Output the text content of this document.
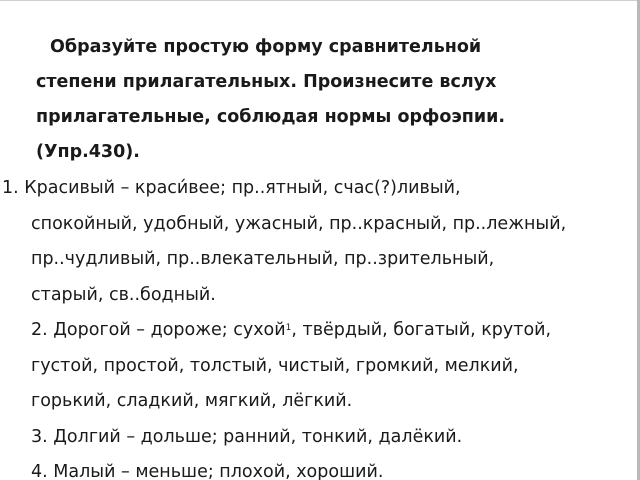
Образуйте простую форму сравнительной
степени прилагательных. Произнесите вслух
прилагательные, соблюдая нормы орфоэпии.
(Упр.430).
1. Красивый – краси́вее; пр..ятный, счас(?)ливый,
спокойный, удобный, ужасный, пр..красный, пр..лежный,
пр..чудливый, пр..влекательный, пр..зрительный,
старый, св..бодный.
2. Дорогой – дороже; сухой$^1$, твёрдый, богатый, крутой,
густой, простой, толстый, чистый, громкий, мелкий,
горький, сладкий, мягкий, лёгкий.
3. Долгий – дольше; ранний, тонкий, далёкий.
4. Малый – меньше; плохой, хороший.
